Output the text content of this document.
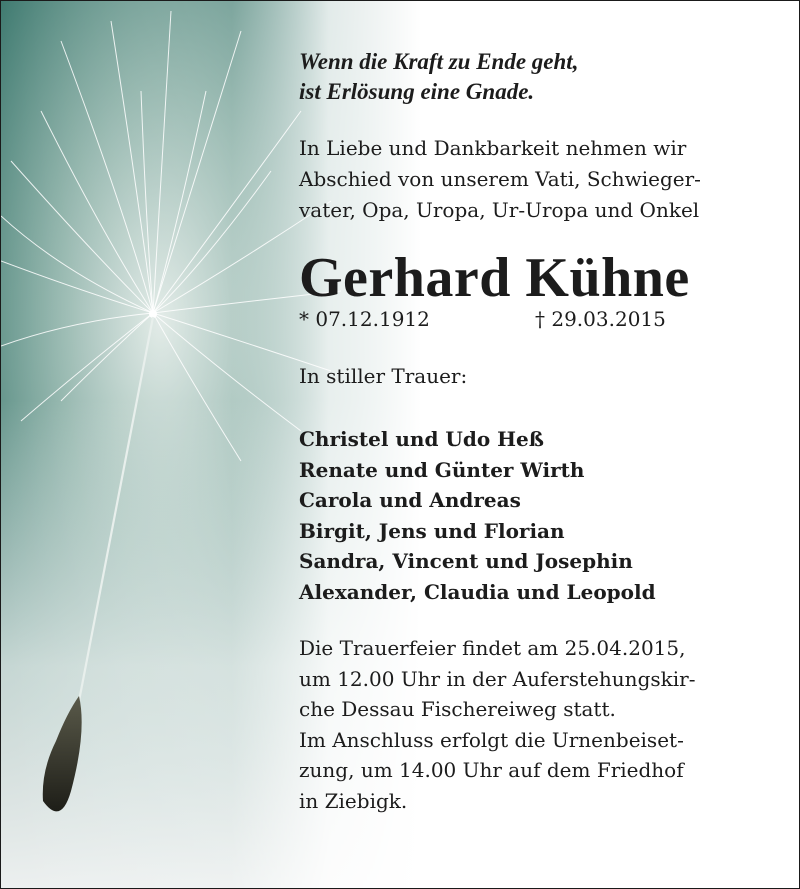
Wenn die Kraft zu Ende geht,
ist Erlösung eine Gnade.

In Liebe und Dankbarkeit nehmen wir
Abschied von unserem Vati, Schwieger-
vater, Opa, Uropa, Ur-Uropa und Onkel
Gerhard Kühne
* 07.12.1912	† 29.03.2015
In stiller Trauer:
Christel und Udo Heß
Renate und Günter Wirth
Carola und Andreas
Birgit, Jens und Florian
Sandra, Vincent und Josephin
Alexander, Claudia und Leopold
Die Trauerfeier findet am 25.04.2015,
um 12.00 Uhr in der Auferstehungskir-
che Dessau Fischereiweg statt.
Im Anschluss erfolgt die Urnenbeiset-
zung, um 14.00 Uhr auf dem Friedhof
in Ziebigk.
